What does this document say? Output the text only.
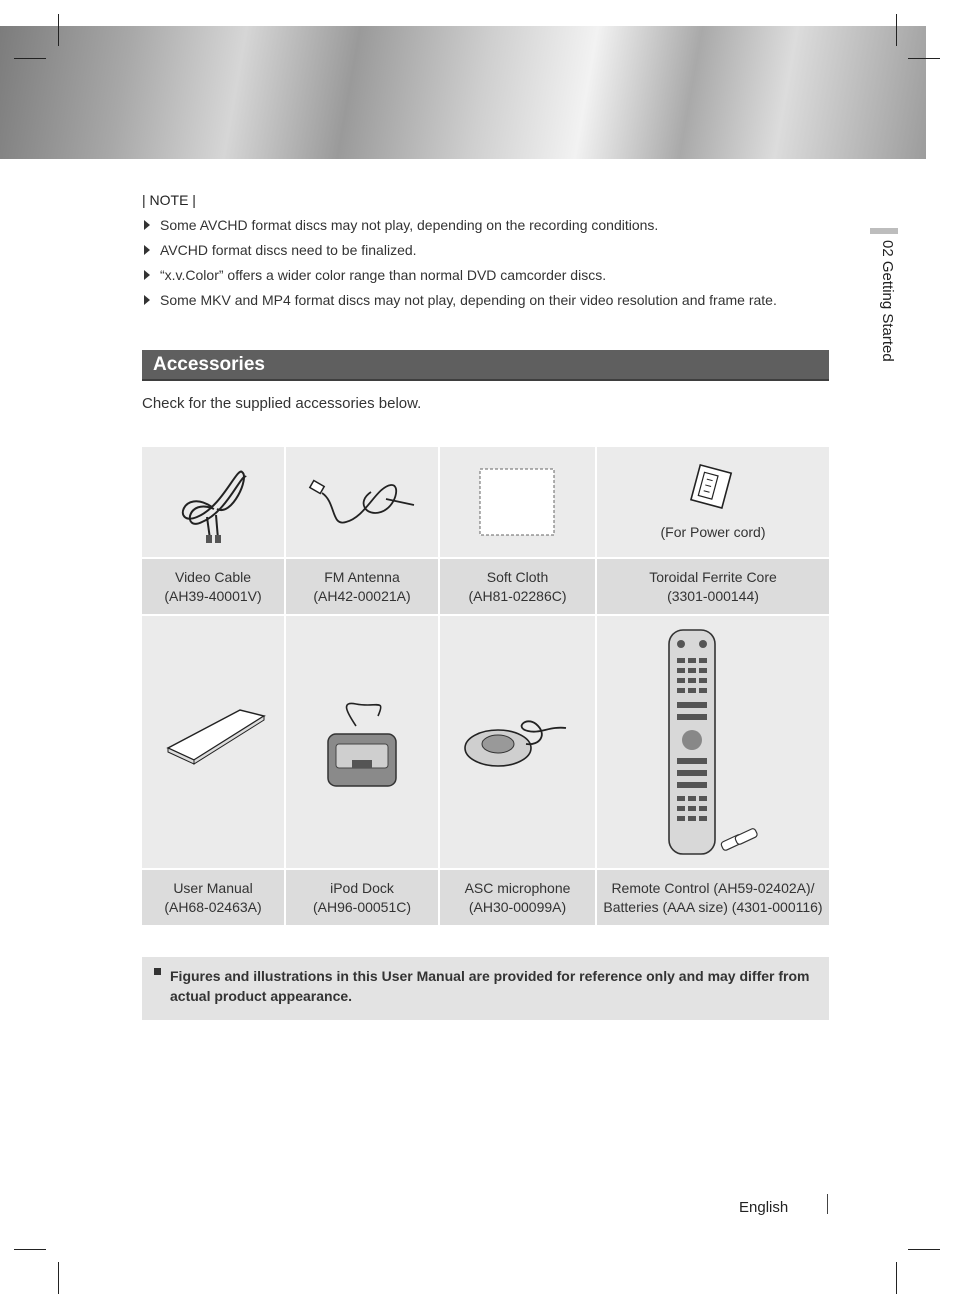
02 Getting Started
| NOTE |
Some AVCHD format discs may not play, depending on the recording conditions.
AVCHD format discs need to be finalized.
“x.v.Color” offers a wider color range than normal DVD camcorder discs.
Some MKV and MP4 format discs may not play, depending on their video resolution and frame rate.
Accessories
Check for the supplied accessories below.
(For Power cord)
Video Cable
(AH39-40001V)
FM Antenna
(AH42-00021A)
Soft Cloth
(AH81-02286C)
Toroidal Ferrite Core
(3301-000144)
User Manual
(AH68-02463A)
iPod Dock
(AH96-00051C)
ASC microphone
(AH30-00099A)
Remote Control (AH59-02402A)/
Batteries (AAA size) (4301-000116)
Figures and illustrations in this User Manual are provided for reference only and may differ from actual product appearance.
English
